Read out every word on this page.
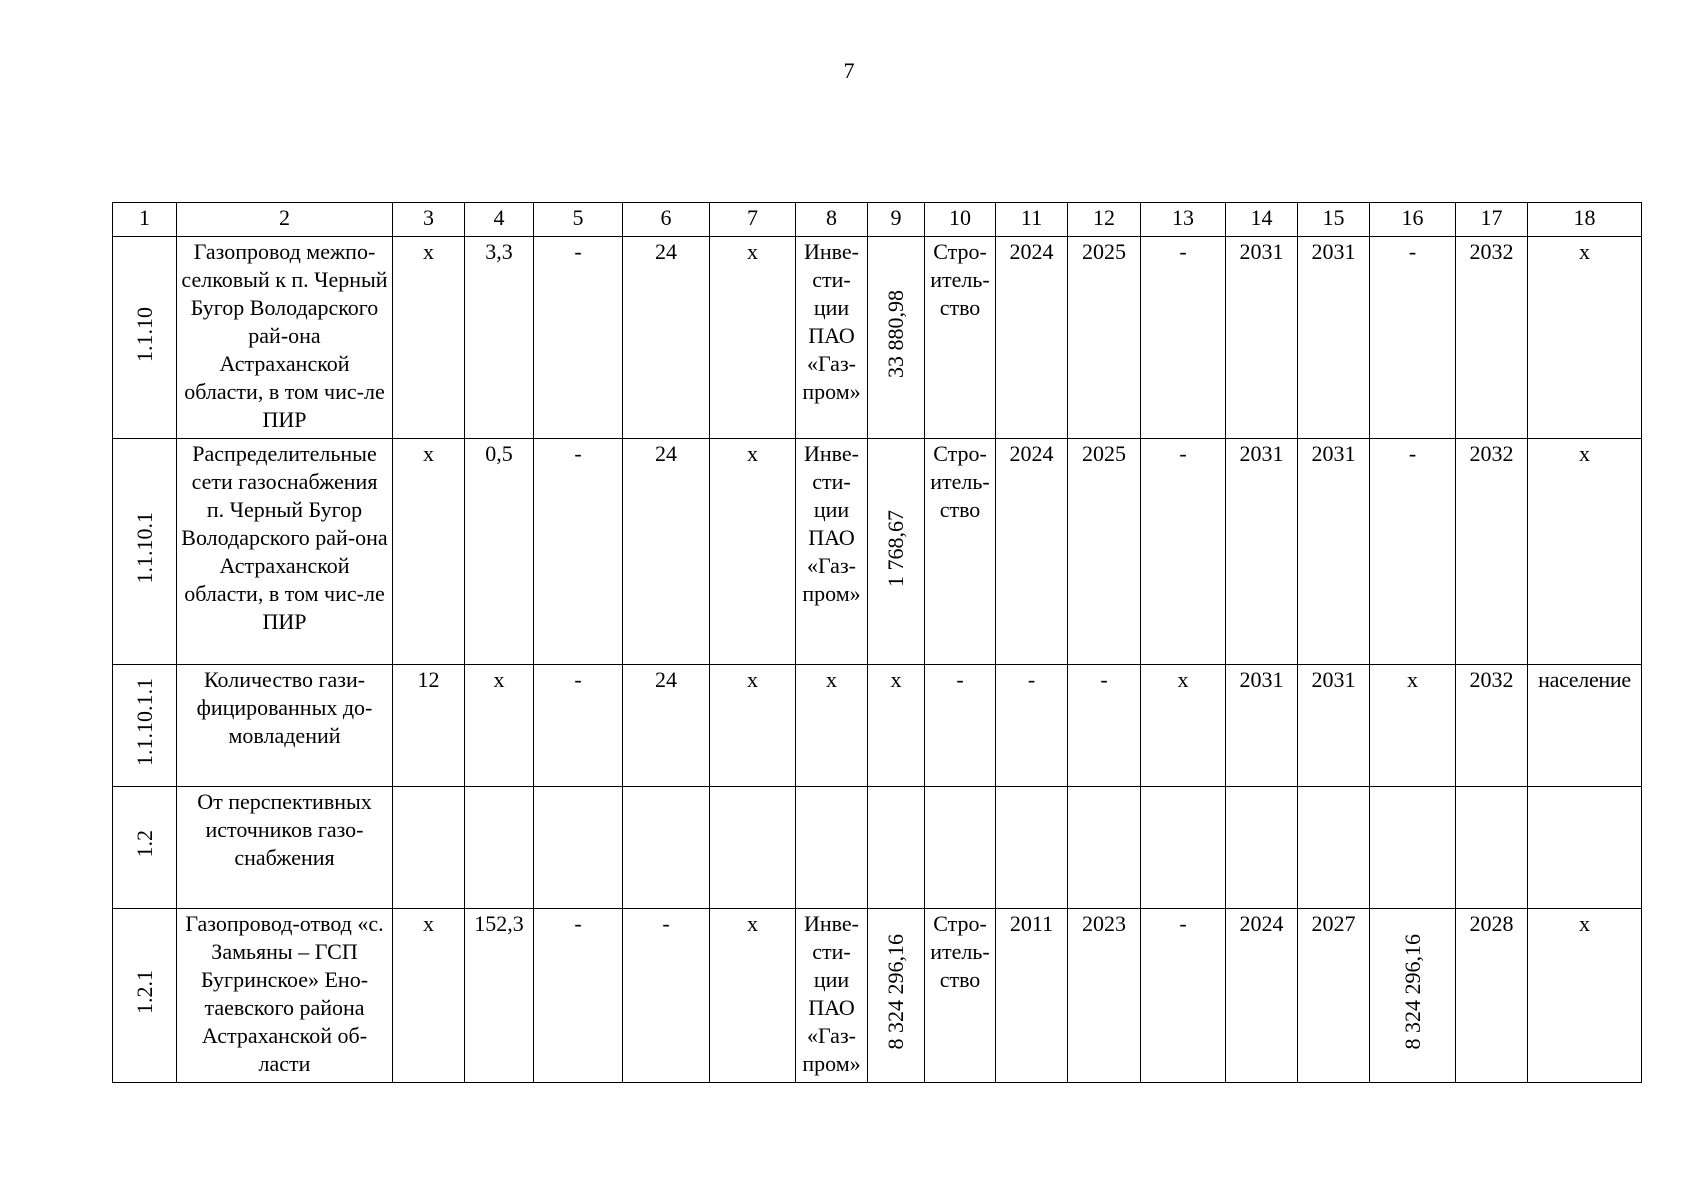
7
1	2	3	4	5	6	7	8	9	10	11	12	13	14	15	16	17	18
1.1.10	Газопровод межпо-селковый к п. Черный Бугор Володарского рай-она Астраханской области, в том чис-ле ПИР	х	3,3	-	24	х	Инве-сти-ции ПАО «Газ-пром»	33 880,98	Стро-итель-ство	2024	2025	-	2031	2031	-	2032	х
1.1.10.1	Распределительные сети газоснабжения п. Черный Бугор Володарского рай-она Астраханской области, в том чис-ле ПИР	х	0,5	-	24	х	Инве-сти-ции ПАО «Газ-пром»	1 768,67	Стро-итель-ство	2024	2025	-	2031	2031	-	2032	х
1.1.10.1.1	Количество гази-фицированных до-мовладений	12	х	-	24	х	х	х	-	-	-	х	2031	2031	х	2032	население
1.2	От перспективных источников газо-снабжения																
1.2.1	Газопровод-отвод «с. Замьяны – ГСП Бугринское» Ено-таевского района Астраханской об-ласти	х	152,3	-	-	х	Инве-сти-ции ПАО «Газ-пром»	8 324 296,16	Стро-итель-ство	2011	2023	-	2024	2027	8 324 296,16	2028	х
